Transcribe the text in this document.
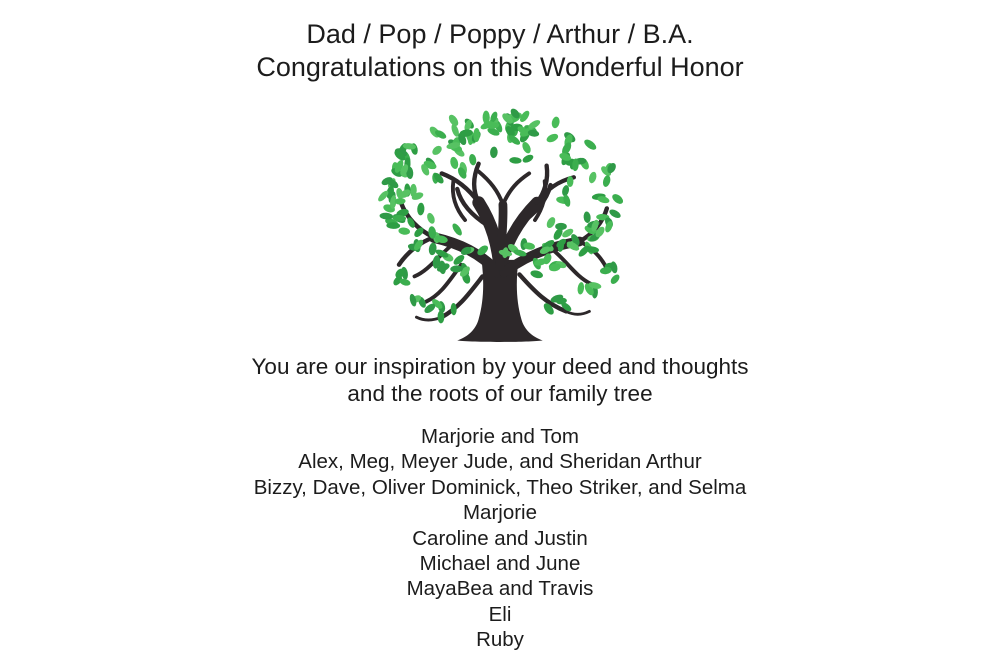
Dad / Pop / Poppy / Arthur / B.A.
Congratulations on this Wonderful Honor
You are our inspiration by your deed and thoughts
and the roots of our family tree
Marjorie and Tom
Alex, Meg, Meyer Jude, and Sheridan Arthur
Bizzy, Dave, Oliver Dominick, Theo Striker, and Selma
Marjorie
Caroline and Justin
Michael and June
MayaBea and Travis
Eli
Ruby
